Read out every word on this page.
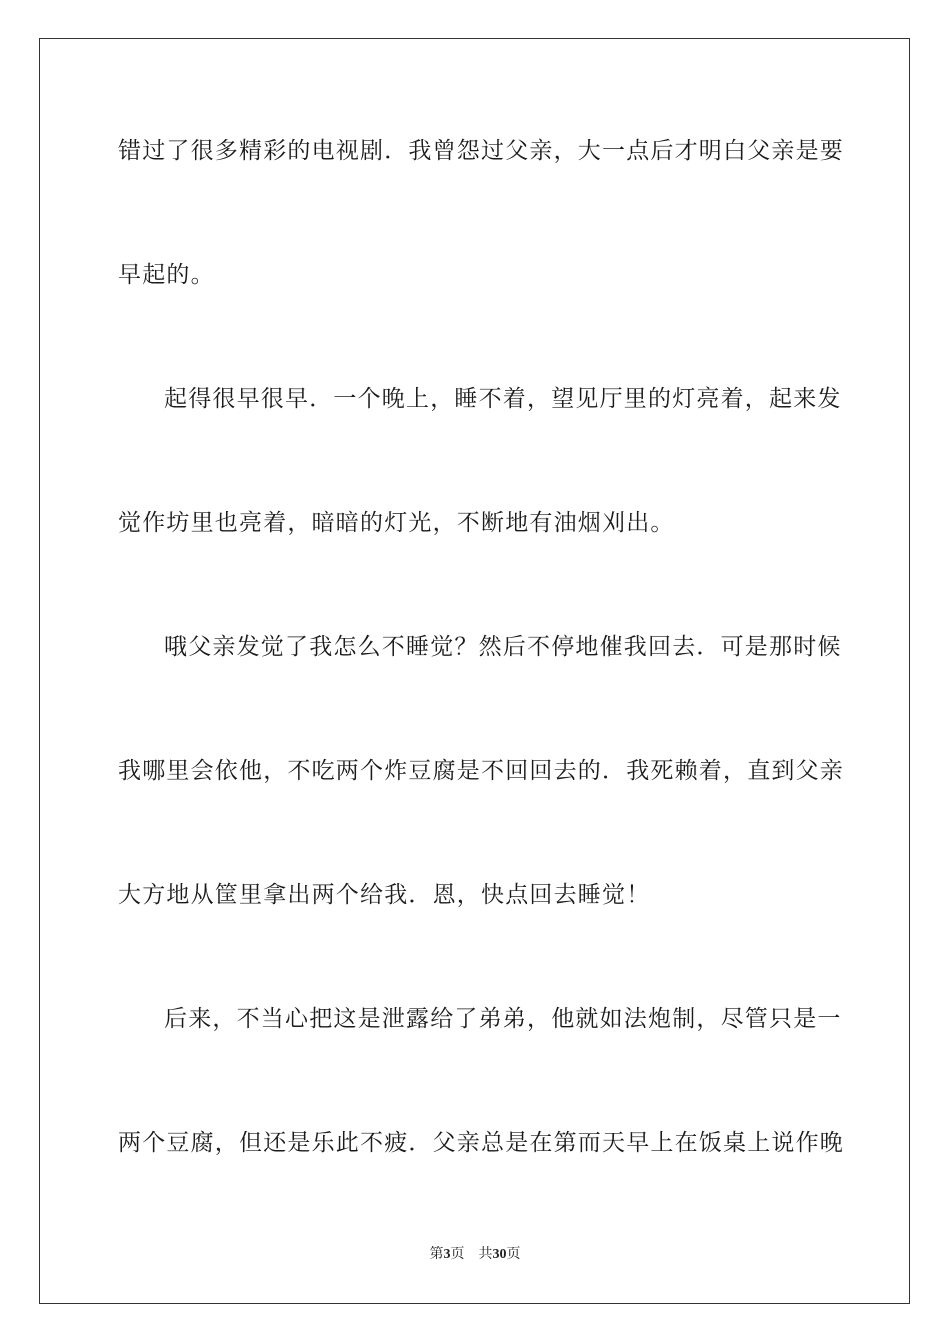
错过了很多精彩的电视剧．我曾怨过父亲，大一点后才明白父亲是要
早起的。
起得很早很早．一个晚上，睡不着，望见厅里的灯亮着，起来发
觉作坊里也亮着，暗暗的灯光，不断地有油烟刈出。
哦父亲发觉了我怎么不睡觉？然后不停地催我回去．可是那时候
我哪里会依他，不吃两个炸豆腐是不回回去的．我死赖着，直到父亲
大方地从筐里拿出两个给我．恩，快点回去睡觉！
后来，不当心把这是泄露给了弟弟，他就如法炮制，尽管只是一
两个豆腐，但还是乐此不疲．父亲总是在第而天早上在饭桌上说作晚
第3页 共30页
